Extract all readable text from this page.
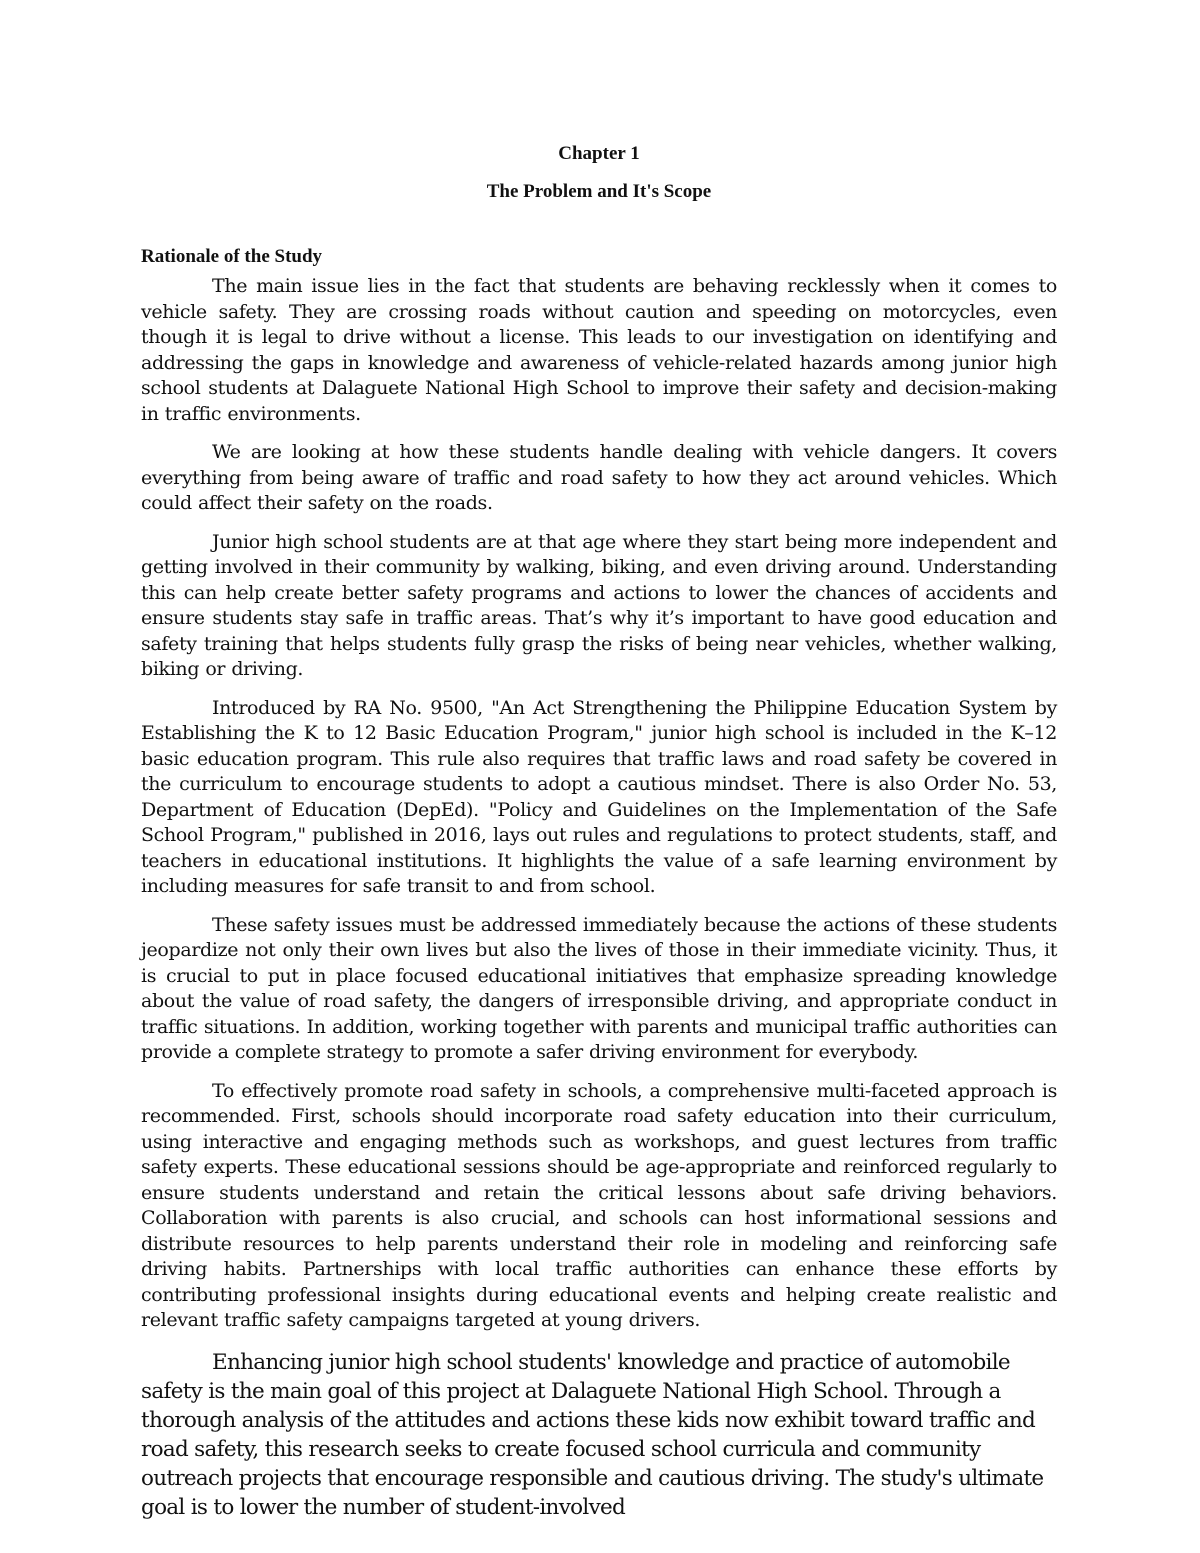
Chapter 1
The Problem and It's Scope
Rationale of the Study

The main issue lies in the fact that students are behaving recklessly when it comes to vehicle safety. They are crossing roads without caution and speeding on motorcycles, even though it is legal to drive without a license. This leads to our investigation on identifying and addressing the gaps in knowledge and awareness of vehicle-related hazards among junior high school students at Dalaguete National High School to improve their safety and decision-making in traffic environments.

We are looking at how these students handle dealing with vehicle dangers. It covers everything from being aware of traffic and road safety to how they act around vehicles. Which could affect their safety on the roads.

Junior high school students are at that age where they start being more independent and getting involved in their community by walking, biking, and even driving around. Understanding this can help create better safety programs and actions to lower the chances of accidents and ensure students stay safe in traffic areas. That’s why it’s important to have good education and safety training that helps students fully grasp the risks of being near vehicles, whether walking, biking or driving.

Introduced by RA No. 9500, "An Act Strengthening the Philippine Education System by Establishing the K to 12 Basic Education Program," junior high school is included in the K–12 basic education program. This rule also requires that traffic laws and road safety be covered in the curriculum to encourage students to adopt a cautious mindset. There is also Order No. 53, Department of Education (DepEd). "Policy and Guidelines on the Implementation of the Safe School Program," published in 2016, lays out rules and regulations to protect students, staff, and teachers in educational institutions. It highlights the value of a safe learning environment by including measures for safe transit to and from school.

These safety issues must be addressed immediately because the actions of these students jeopardize not only their own lives but also the lives of those in their immediate vicinity. Thus, it is crucial to put in place focused educational initiatives that emphasize spreading knowledge about the value of road safety, the dangers of irresponsible driving, and appropriate conduct in traffic situations. In addition, working together with parents and municipal traffic authorities can provide a complete strategy to promote a safer driving environment for everybody.

To effectively promote road safety in schools, a comprehensive multi-faceted approach is recommended. First, schools should incorporate road safety education into their curriculum, using interactive and engaging methods such as workshops, and guest lectures from traffic safety experts. These educational sessions should be age-appropriate and reinforced regularly to ensure students understand and retain the critical lessons about safe driving behaviors. Collaboration with parents is also crucial, and schools can host informational sessions and distribute resources to help parents understand their role in modeling and reinforcing safe driving habits. Partnerships with local traffic authorities can enhance these efforts by contributing professional insights during educational events and helping create realistic and relevant traffic safety campaigns targeted at young drivers.

Enhancing junior high school students' knowledge and practice of automobile safety is the main goal of this project at Dalaguete National High School. Through a thorough analysis of the attitudes and actions these kids now exhibit toward traffic and road safety, this research seeks to create focused school curricula and community outreach projects that encourage responsible and cautious driving. The study's ultimate goal is to lower the number of student-involved
